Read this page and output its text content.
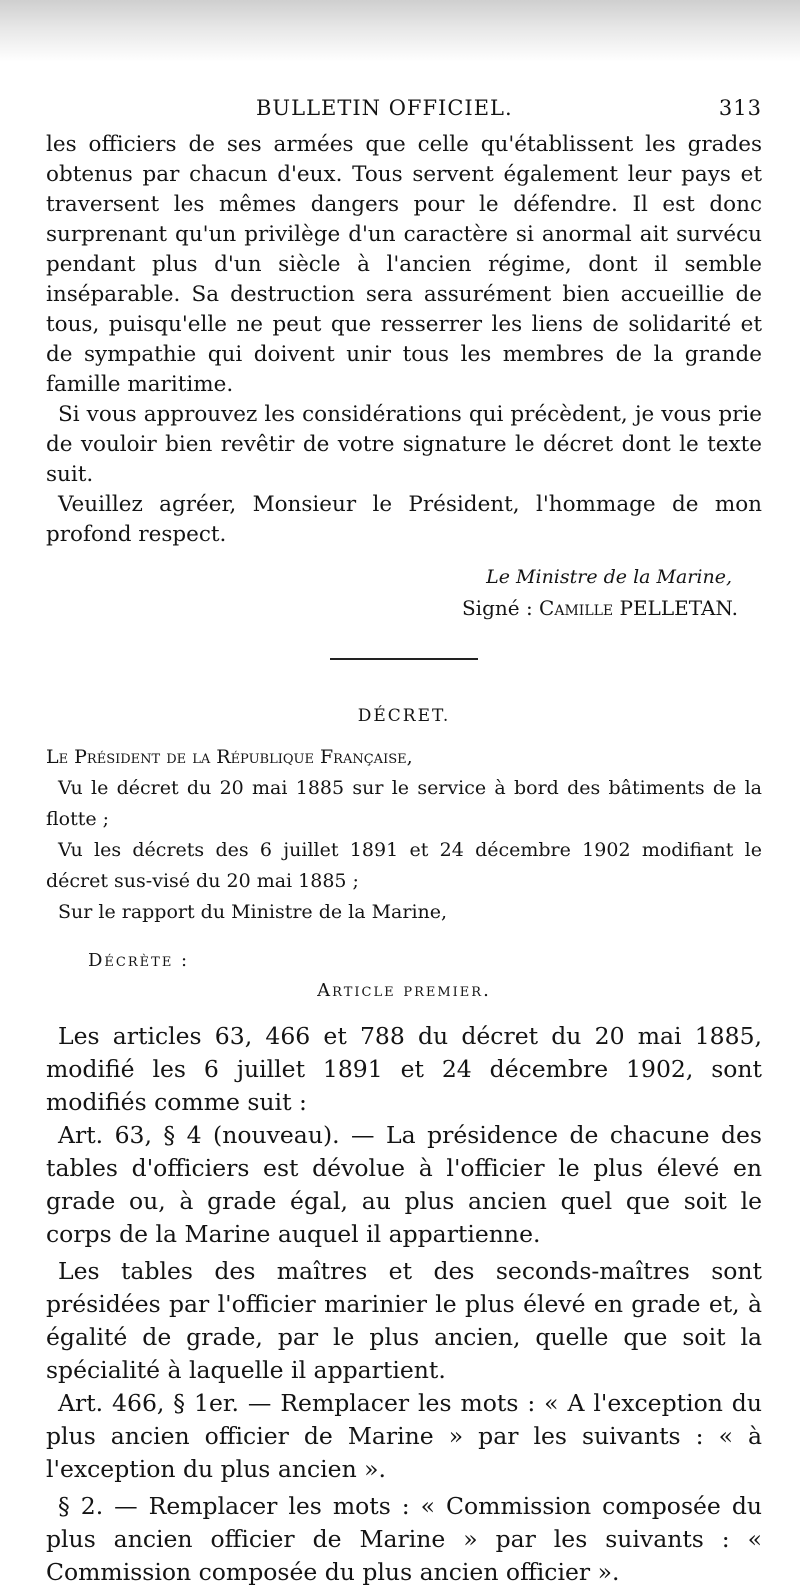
BULLETIN OFFICIEL.	313

les officiers de ses armées que celle qu'établissent les grades obtenus par chacun d'eux. Tous servent également leur pays et traversent les mêmes dangers pour le défendre. Il est donc surprenant qu'un privilège d'un caractère si anormal ait survécu pendant plus d'un siècle à l'ancien régime, dont il semble inséparable. Sa destruction sera assurément bien accueillie de tous, puisqu'elle ne peut que resserrer les liens de solidarité et de sympathie qui doivent unir tous les membres de la grande famille maritime.

Si vous approuvez les considérations qui précèdent, je vous prie de vouloir bien revêtir de votre signature le décret dont le texte suit.

Veuillez agréer, Monsieur le Président, l'hommage de mon profond respect.

Le Ministre de la Marine,
Signé : Camille PELLETAN.
DÉCRET.

Le Président de la République Française,

Vu le décret du 20 mai 1885 sur le service à bord des bâtiments de la flotte ;

Vu les décrets des 6 juillet 1891 et 24 décembre 1902 modifiant le décret sus-visé du 20 mai 1885 ;

Sur le rapport du Ministre de la Marine,

Décrète :
Article premier.

Les articles 63, 466 et 788 du décret du 20 mai 1885, modifié les 6 juillet 1891 et 24 décembre 1902, sont modifiés comme suit :

Art. 63, § 4 (nouveau). — La présidence de chacune des tables d'officiers est dévolue à l'officier le plus élevé en grade ou, à grade égal, au plus ancien quel que soit le corps de la Marine auquel il appartienne.

Les tables des maîtres et des seconds-maîtres sont présidées par l'officier marinier le plus élevé en grade et, à égalité de grade, par le plus ancien, quelle que soit la spécialité à laquelle il appartient.

Art. 466, § 1er. — Remplacer les mots : « A l'exception du plus ancien officier de Marine » par les suivants : « à l'exception du plus ancien ».

§ 2. — Remplacer les mots : « Commission composée du plus ancien officier de Marine » par les suivants : « Commission composée du plus ancien officier ».
